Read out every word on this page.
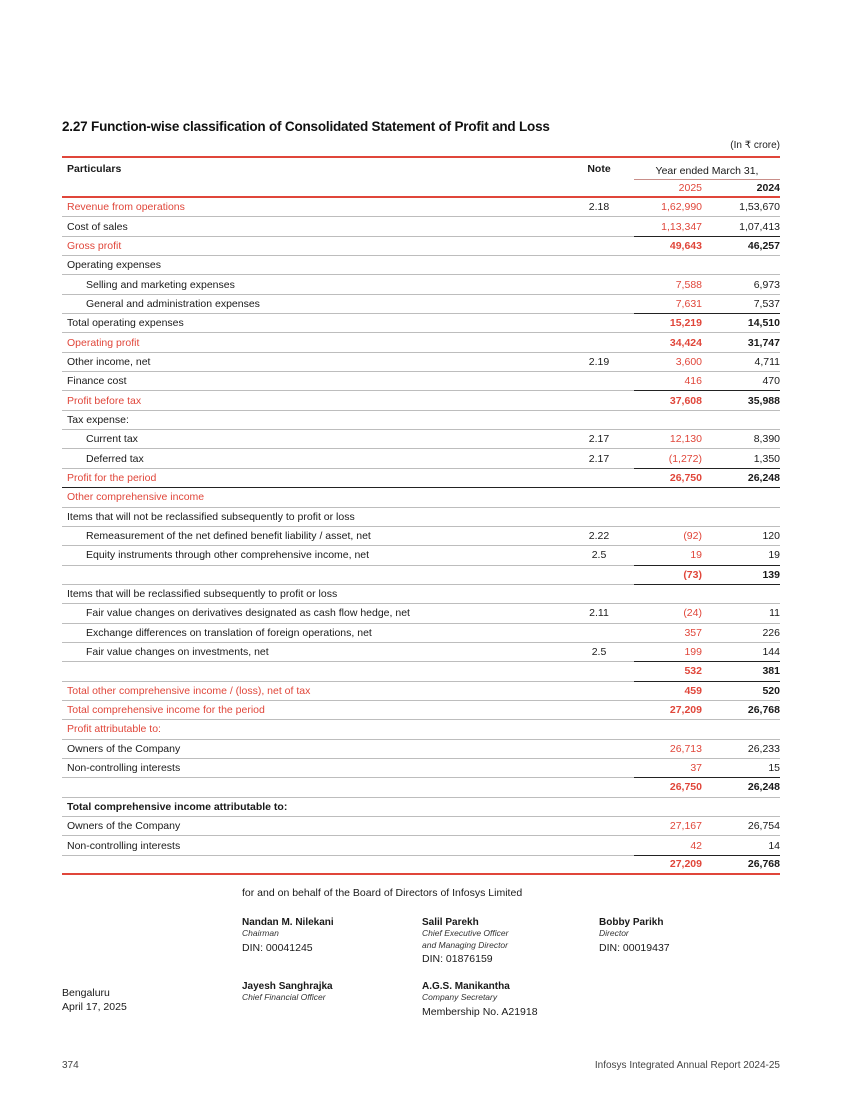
2.27 Function-wise classification of Consolidated Statement of Profit and Loss
(In ₹ crore)
Particulars	Note	Year ended March 31,
2025	2024
Revenue from operations	2.18	1,62,990	1,53,670
Cost of sales	1,13,347	1,07,413
Gross profit	49,643	46,257
Operating expenses
Selling and marketing expenses	7,588	6,973
General and administration expenses	7,631	7,537
Total operating expenses	15,219	14,510
Operating profit	34,424	31,747
Other income, net	2.19	3,600	4,711
Finance cost	416	470
Profit before tax	37,608	35,988
Tax expense:
Current tax	2.17	12,130	8,390
Deferred tax	2.17	(1,272)	1,350
Profit for the period	26,750	26,248
Other comprehensive income
Items that will not be reclassified subsequently to profit or loss
Remeasurement of the net defined benefit liability / asset, net	2.22	(92)	120
Equity instruments through other comprehensive income, net	2.5	19	19
(73)	139
Items that will be reclassified subsequently to profit or loss
Fair value changes on derivatives designated as cash flow hedge, net	2.11	(24)	11
Exchange differences on translation of foreign operations, net	357	226
Fair value changes on investments, net	2.5	199	144
532	381
Total other comprehensive income / (loss), net of tax	459	520
Total comprehensive income for the period	27,209	26,768
Profit attributable to:
Owners of the Company	26,713	26,233
Non-controlling interests	37	15
26,750	26,248
Total comprehensive income attributable to:
Owners of the Company	27,167	26,754
Non-controlling interests	42	14
27,209	26,768
for and on behalf of the Board of Directors of Infosys Limited
Nandan M. Nilekani
Chairman
DIN: 00041245
Salil Parekh
Chief Executive Officer
and Managing Director
DIN: 01876159
Bobby Parikh
Director
DIN: 00019437
Jayesh Sanghrajka
Chief Financial Officer
A.G.S. Manikantha
Company Secretary
Membership No. A21918
Bengaluru
April 17, 2025
374	Infosys Integrated Annual Report 2024-25
